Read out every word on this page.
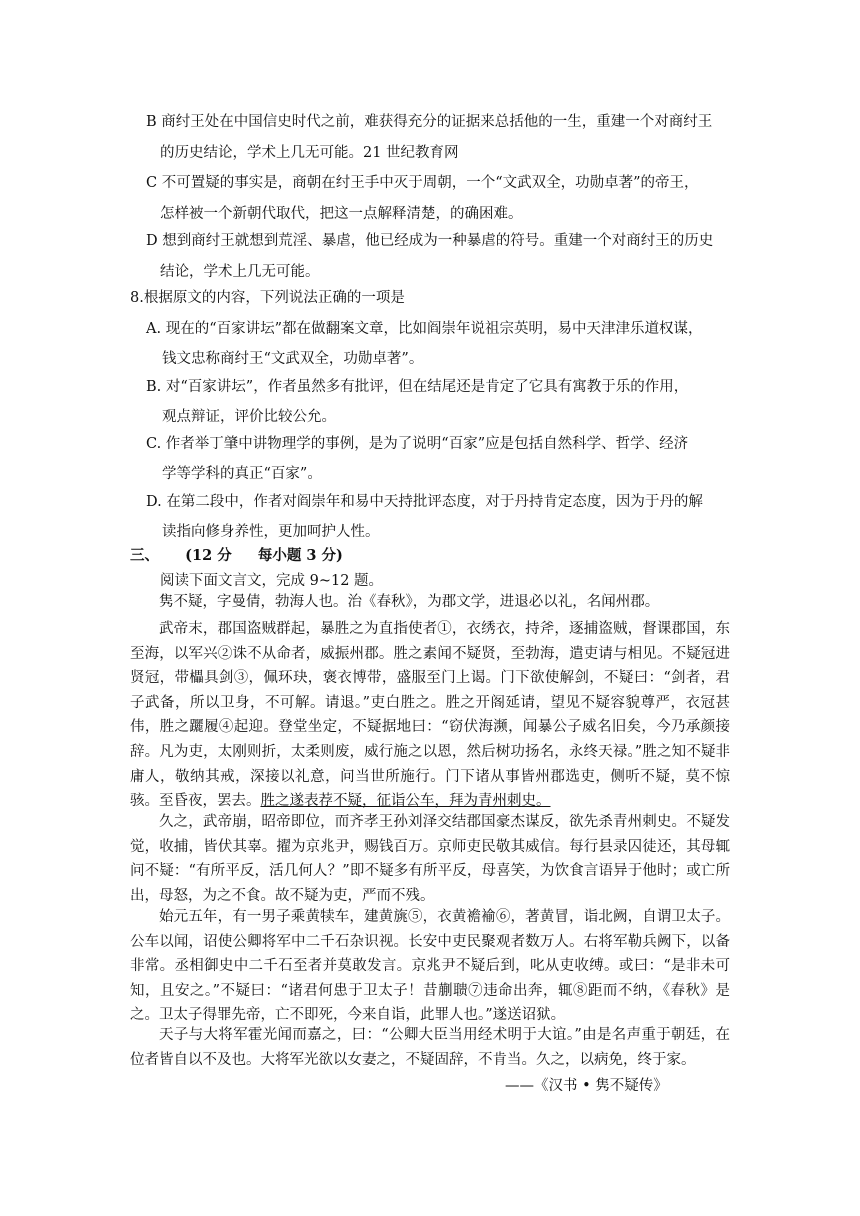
B 商纣王处在中国信史时代之前，难获得充分的证据来总括他的一生，重建一个对商纣王
的历史结论，学术上几无可能。21 世纪教育网
C 不可置疑的事实是，商朝在纣王手中灭于周朝，一个“文武双全，功勋卓著”的帝王，
怎样被一个新朝代取代，把这一点解释清楚，的确困难。
D 想到商纣王就想到荒淫、暴虐，他已经成为一种暴虐的符号。重建一个对商纣王的历史
结论，学术上几无可能。
8.根据原文的内容，下列说法正确的一项是
A. 现在的“百家讲坛”都在做翻案文章，比如阎崇年说祖宗英明，易中天津津乐道权谋，
钱文忠称商纣王“文武双全，功勋卓著”。
B. 对“百家讲坛”，作者虽然多有批评，但在结尾还是肯定了它具有寓教于乐的作用，
观点辩证，评价比较公允。
C. 作者举丁肇中讲物理学的事例，是为了说明“百家”应是包括自然科学、哲学、经济
学等学科的真正“百家”。
D. 在第二段中，作者对阎崇年和易中天持批评态度，对于丹持肯定态度，因为于丹的解
读指向修身养性，更加呵护人性。
三、 (12 分 每小题 3 分)
阅读下面文言文，完成 9~12 题。

隽不疑，字曼倩，勃海人也。治《春秋》，为郡文学，进退必以礼，名闻州郡。

武帝末，郡国盗贼群起，暴胜之为直指使者①，衣绣衣，持斧，逐捕盗贼，督课郡国，东至海，以军兴②诛不从命者，威振州郡。胜之素闻不疑贤，至勃海，遣吏请与相见。不疑冠进贤冠，带櫑具剑③，佩环玦，褒衣博带，盛服至门上谒。门下欲使解剑，不疑曰：“剑者，君子武备，所以卫身，不可解。请退。”吏白胜之。胜之开阁延请，望见不疑容貌尊严，衣冠甚伟，胜之躧履④起迎。登堂坐定，不疑据地曰：“窃伏海濒，闻暴公子威名旧矣，今乃承颜接辞。凡为吏，太刚则折，太柔则废，威行施之以恩，然后树功扬名，永终天禄。”胜之知不疑非庸人，敬纳其戒，深接以礼意，问当世所施行。门下诸从事皆州郡选吏，侧听不疑，莫不惊骇。至昏夜，罢去。胜之遂表荐不疑，征诣公车，拜为青州刺史。

久之，武帝崩，昭帝即位，而齐孝王孙刘泽交结郡国豪杰谋反，欲先杀青州刺史。不疑发觉，收捕，皆伏其辜。擢为京兆尹，赐钱百万。京师吏民敬其威信。每行县录囚徒还，其母辄问不疑：“有所平反，活几何人？”即不疑多有所平反，母喜笑，为饮食言语异于他时；或亡所出，母怒，为之不食。故不疑为吏，严而不残。

始元五年，有一男子乘黄犊车，建黄旐⑤，衣黄襜褕⑥，著黄冒，诣北阙，自谓卫太子。公车以闻，诏使公卿将军中二千石杂识视。长安中吏民聚观者数万人。右将军勒兵阙下，以备非常。丞相御史中二千石至者并莫敢发言。京兆尹不疑后到，叱从吏收缚。或曰：“是非未可知，且安之。”不疑曰：“诸君何患于卫太子！昔蒯聩⑦违命出奔，辄⑧距而不纳，《春秋》是之。卫太子得罪先帝，亡不即死，今来自诣，此罪人也。”遂送诏狱。

天子与大将军霍光闻而嘉之，曰：“公卿大臣当用经术明于大谊。”由是名声重于朝廷，在位者皆自以不及也。大将军光欲以女妻之，不疑固辞，不肯当。久之，以病免，终于家。

——《汉书 • 隽不疑传》
